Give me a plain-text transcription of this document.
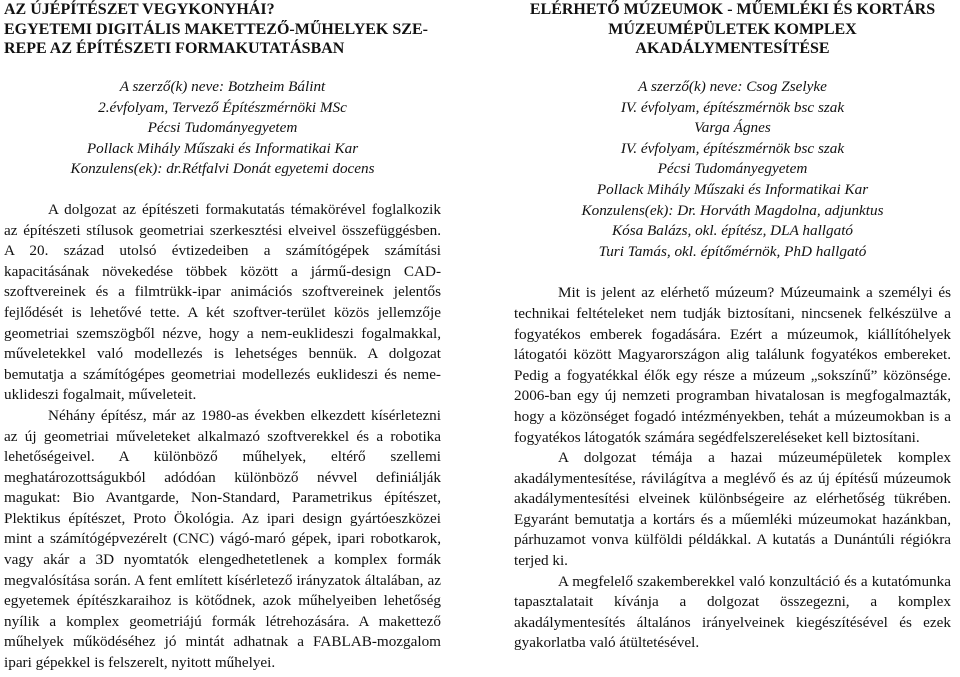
AZ ÚJÉPÍTÉSZET VEGYKONYHÁI?
EGYETEMI DIGITÁLIS MAKETTEZŐ-MŰHELYEK SZE-
REPE AZ ÉPÍTÉSZETI FORMAKUTATÁSBAN
A szerző(k) neve: Botzheim Bálint
2.évfolyam, Tervező Építészmérnöki MSc
Pécsi Tudományegyetem
Pollack Mihály Műszaki és Informatikai Kar
Konzulens(ek): dr.Rétfalvi Donát egyetemi docens

A dolgozat az építészeti formakutatás témakörével foglalkozik az építészeti stílusok geometriai szerkesztési elveivel összefüggésben. A 20. század utolsó évtizedeiben a számítógépek számítási kapacitásának növekedése többek között a jármű-design CAD-szoftvereinek és a filmtrükk-ipar animációs szoftvereinek jelentős fejlődését is lehetővé tette. A két szoftver-terület közös jellemzője geometriai szemszögből nézve, hogy a nem-euklideszi fogalmakkal, műveletekkel való modellezés is lehetséges bennük. A dolgozat bemutatja a számítógépes geometriai modellezés euklideszi és neme-uklideszi fogalmait, műveleteit.

Néhány építész, már az 1980-as években elkezdett kísérletezni az új geometriai műveleteket alkalmazó szoftverekkel és a robotika lehetőségeivel. A különböző műhelyek, eltérő szellemi meghatározottságukból adódóan különböző névvel definiálják magukat: Bio Avantgarde, Non-Standard, Parametrikus építészet, Plektikus építészet, Proto Ökológia. Az ipari design gyártóeszközei mint a számítógépvezérelt (CNC) vágó-maró gépek, ipari robotkarok, vagy akár a 3D nyomtatók elengedhetetlenek a komplex formák megvalósítása során. A fent említett kísérletező irányzatok általában, az egyetemek építészkaraihoz is kötődnek, azok műhelyeiben lehetőség nyílik a komplex geometriájú formák létrehozására. A makettező műhelyek működéséhez jó mintát adhatnak a FABLAB-mozgalom ipari gépekkel is felszerelt, nyitott műhelyei.

ELÉRHETŐ MÚZEUMOK - MŰEMLÉKI ÉS KORTÁRS
MÚZEUMÉPÜLETEK KOMPLEX
AKADÁLYMENTESÍTÉSE
A szerző(k) neve: Csog Zselyke
IV. évfolyam, építészmérnök bsc szak
Varga Ágnes
IV. évfolyam, építészmérnök bsc szak
Pécsi Tudományegyetem
Pollack Mihály Műszaki és Informatikai Kar
Konzulens(ek): Dr. Horváth Magdolna, adjunktus
Kósa Balázs, okl. építész, DLA hallgató
Turi Tamás, okl. építőmérnök, PhD hallgató

Mit is jelent az elérhető múzeum? Múzeumaink a személyi és technikai feltételeket nem tudják biztosítani, nincsenek felkészülve a fogyatékos emberek fogadására. Ezért a múzeumok, kiállítóhelyek látogatói között Magyarországon alig találunk fogyatékos embereket. Pedig a fogyatékkal élők egy része a múzeum „sokszínű” közönsége. 2006-ban egy új nemzeti programban hivatalosan is megfogalmazták, hogy a közönséget fogadó intézményekben, tehát a múzeumokban is a fogyatékos látogatók számára segédfelszereléseket kell biztosítani.

A dolgozat témája a hazai múzeumépületek komplex akadálymentesítése, rávilágítva a meglévő és az új építésű múzeumok akadálymentesítési elveinek különbségeire az elérhetőség tükrében. Egyaránt bemutatja a kortárs és a műemléki múzeumokat hazánkban, párhuzamot vonva külföldi példákkal. A kutatás a Dunántúli régiókra terjed ki.

A megfelelő szakemberekkel való konzultáció és a kutatómunka tapasztalatait kívánja a dolgozat összegezni, a komplex akadálymentesítés általános irányelveinek kiegészítésével és ezek gyakorlatba való átültetésével.
